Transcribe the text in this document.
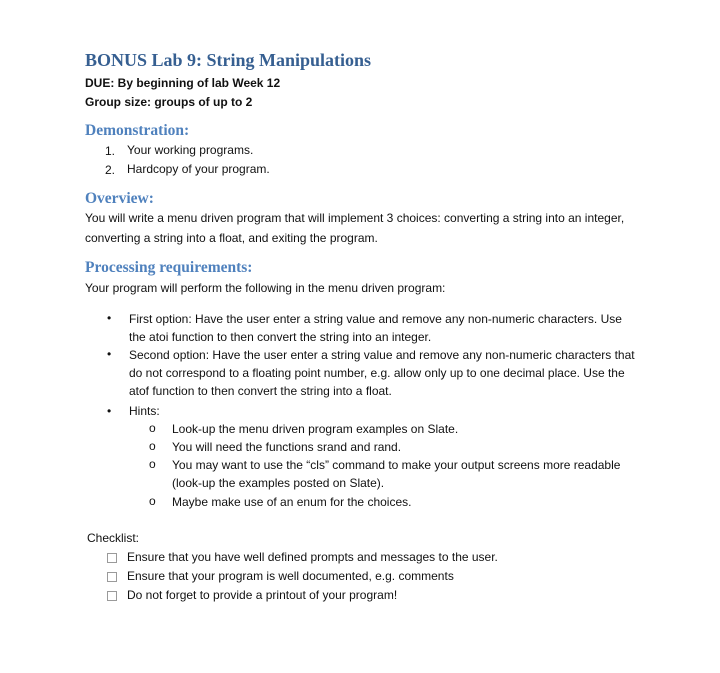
BONUS Lab 9: String Manipulations
DUE: By beginning of lab Week 12
Group size: groups of up to 2
Demonstration:
1. Your working programs.
2. Hardcopy of your program.
Overview:
You will write a menu driven program that will implement 3 choices: converting a string into an integer,
converting a string into a float, and exiting the program.
Processing requirements:
Your program will perform the following in the menu driven program:
• First option: Have the user enter a string value and remove any non-numeric characters. Use
the atoi function to then convert the string into an integer.
• Second option: Have the user enter a string value and remove any non-numeric characters that
do not correspond to a floating point number, e.g. allow only up to one decimal place. Use the
atof function to then convert the string into a float.
• Hints:
o Look-up the menu driven program examples on Slate.
o You will need the functions srand and rand.
o You may want to use the “cls” command to make your output screens more readable
(look-up the examples posted on Slate).
o Maybe make use of an enum for the choices.
Checklist:
Ensure that you have well defined prompts and messages to the user.
Ensure that your program is well documented, e.g. comments
Do not forget to provide a printout of your program!
